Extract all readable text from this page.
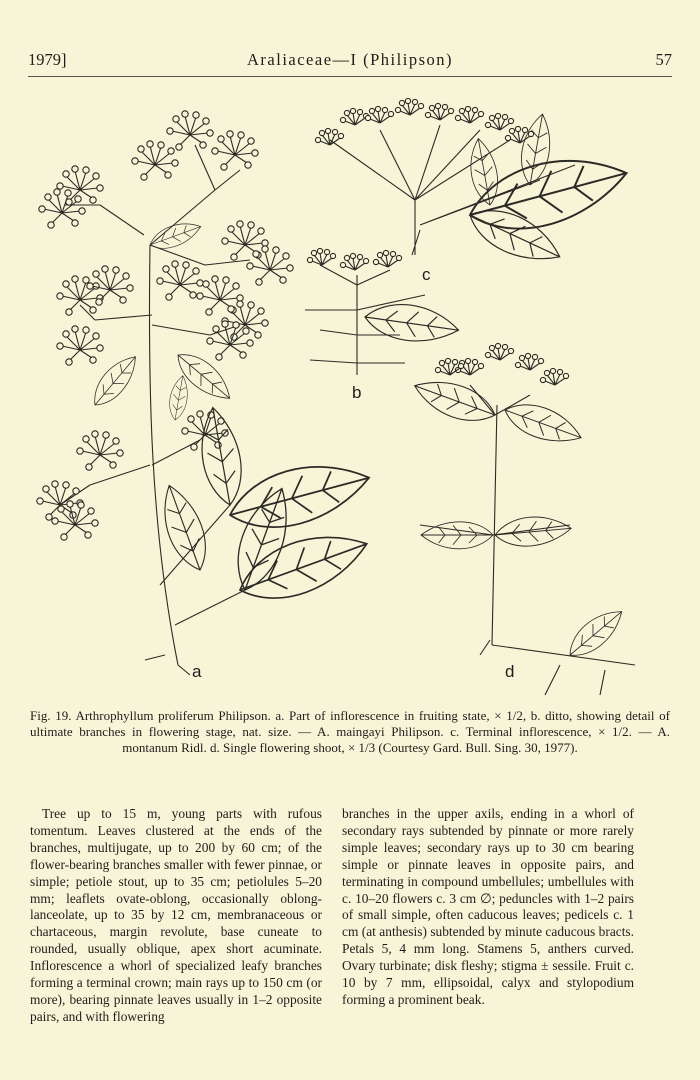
1979]	Araliaceae—I (Philipson)	57
a
b
c
d
Fig. 19. Arthrophyllum proliferum Philipson. a. Part of inflorescence in fruiting state, × 1/2, b. ditto, showing detail of ultimate branches in flowering stage, nat. size. — A. maingayi Philipson. c. Terminal inflorescence, × 1/2. — A. montanum Ridl. d. Single flowering shoot, × 1/3 (Courtesy Gard. Bull. Sing. 30, 1977).

Tree up to 15 m, young parts with rufous tomentum. Leaves clustered at the ends of the branches, multijugate, up to 200 by 60 cm; of the flower-bearing branches smaller with fewer pinnae, or simple; petiole stout, up to 35 cm; petiolules 5–20 mm; leaflets ovate-oblong, occasionally oblong-lanceolate, up to 35 by 12 cm, membranaceous or chartaceous, margin revolute, base cuneate to rounded, usually oblique, apex short acuminate. Inflorescence a whorl of specialized leafy branches forming a terminal crown; main rays up to 150 cm (or more), bearing pinnate leaves usually in 1–2 opposite pairs, and with flowering

branches in the upper axils, ending in a whorl of secondary rays subtended by pinnate or more rarely simple leaves; secondary rays up to 30 cm bearing simple or pinnate leaves in opposite pairs, and terminating in compound umbellules; umbellules with c. 10–20 flowers c. 3 cm ∅; peduncles with 1–2 pairs of small simple, often caducous leaves; pedicels c. 1 cm (at anthesis) subtended by minute caducous bracts. Petals 5, 4 mm long. Stamens 5, anthers curved. Ovary turbinate; disk fleshy; stigma ± sessile. Fruit c. 10 by 7 mm, ellipsoidal, calyx and stylopodium forming a prominent beak.
